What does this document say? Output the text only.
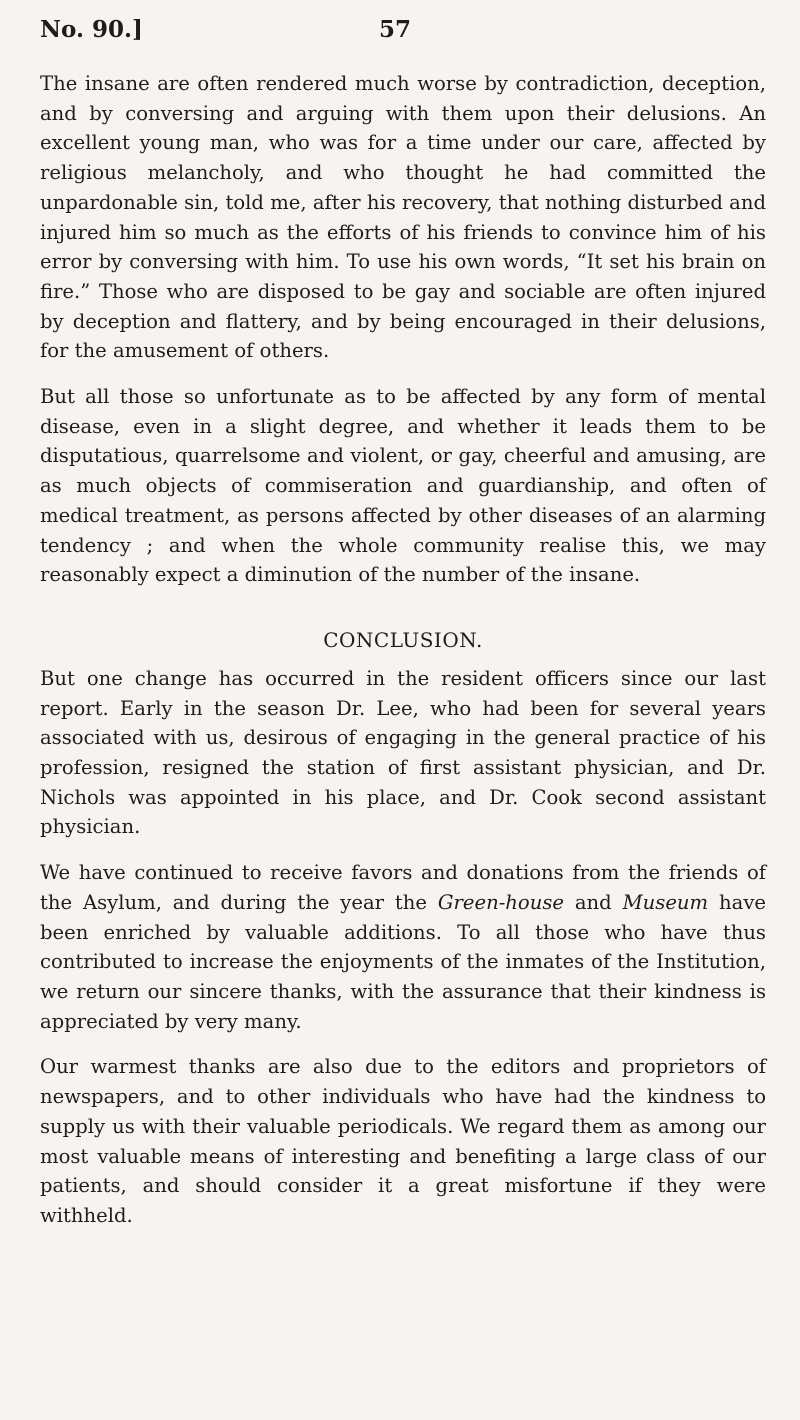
No. 90.]	57

The insane are often rendered much worse by contradiction, deception, and by conversing and arguing with them upon their delusions. An excellent young man, who was for a time under our care, affected by religious melancholy, and who thought he had committed the unpardonable sin, told me, after his recovery, that nothing disturbed and injured him so much as the efforts of his friends to convince him of his error by conversing with him. To use his own words, “It set his brain on fire.” Those who are disposed to be gay and sociable are often injured by deception and flattery, and by being encouraged in their delusions, for the amusement of others.

But all those so unfortunate as to be affected by any form of mental disease, even in a slight degree, and whether it leads them to be disputatious, quarrelsome and violent, or gay, cheerful and amusing, are as much objects of commiseration and guardianship, and often of medical treatment, as persons affected by other diseases of an alarming tendency ; and when the whole community realise this, we may reasonably expect a diminution of the number of the insane.

CONCLUSION.

But one change has occurred in the resident officers since our last report. Early in the season Dr. Lee, who had been for several years associated with us, desirous of engaging in the general practice of his profession, resigned the station of first assistant physician, and Dr. Nichols was appointed in his place, and Dr. Cook second assistant physician.

We have continued to receive favors and donations from the friends of the Asylum, and during the year the Green-house and Museum have been enriched by valuable additions. To all those who have thus contributed to increase the enjoyments of the inmates of the Institution, we return our sincere thanks, with the assurance that their kindness is appreciated by very many.

Our warmest thanks are also due to the editors and proprietors of newspapers, and to other individuals who have had the kindness to supply us with their valuable periodicals. We regard them as among our most valuable means of interesting and benefiting a large class of our patients, and should consider it a great misfortune if they were withheld.
